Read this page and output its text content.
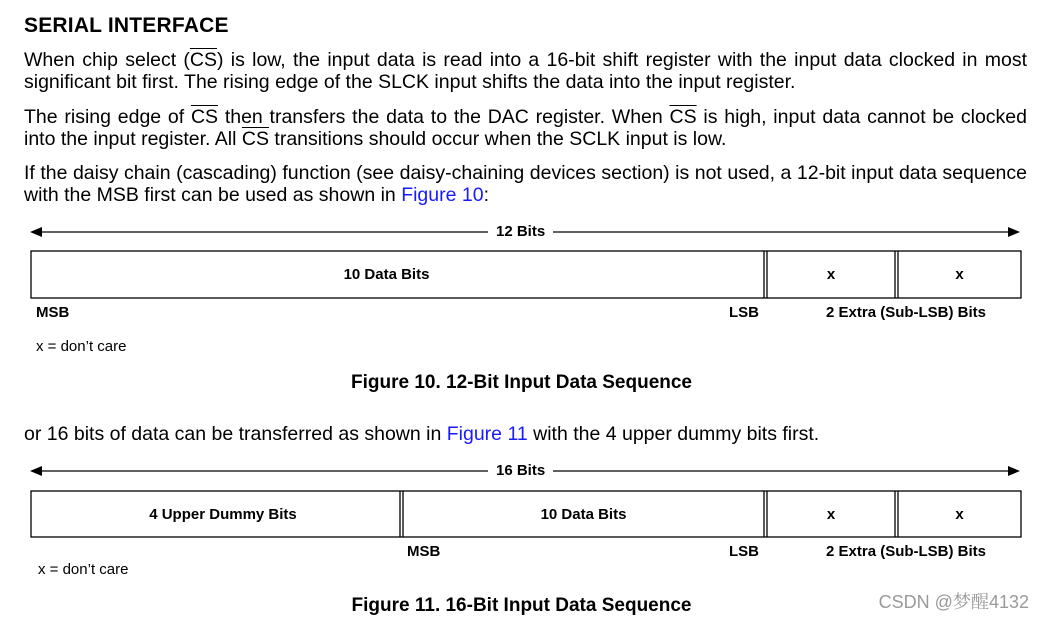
SERIAL INTERFACE
When chip select $(\overline{CS})$ is low, the input data is read into a 16-bit shift register with the input data clocked in most significant bit first. The rising edge of the SLCK input shifts the data into the input register.
The rising edge of $\overline{CS}$ then transfers the data to the DAC register. When $\overline{CS}$ is high, input data cannot be clocked into the input register. All $\overline{CS}$ transitions should occur when the SCLK input is low.
If the daisy chain (cascading) function (see daisy-chaining devices section) is not used, a 12-bit input data sequence with the MSB first can be used as shown in Figure 10:
12 Bits
10 Data Bits	x	x
MSB	LSB	2 Extra (Sub-LSB) Bits
x = don’t care
Figure 10. 12-Bit Input Data Sequence
or 16 bits of data can be transferred as shown in Figure 11 with the 4 upper dummy bits first.
16 Bits
4 Upper Dummy Bits	10 Data Bits	x	x
MSB	LSB	2 Extra (Sub-LSB) Bits
x = don’t care
Figure 11. 16-Bit Input Data Sequence	CSDN @梦醒4132
